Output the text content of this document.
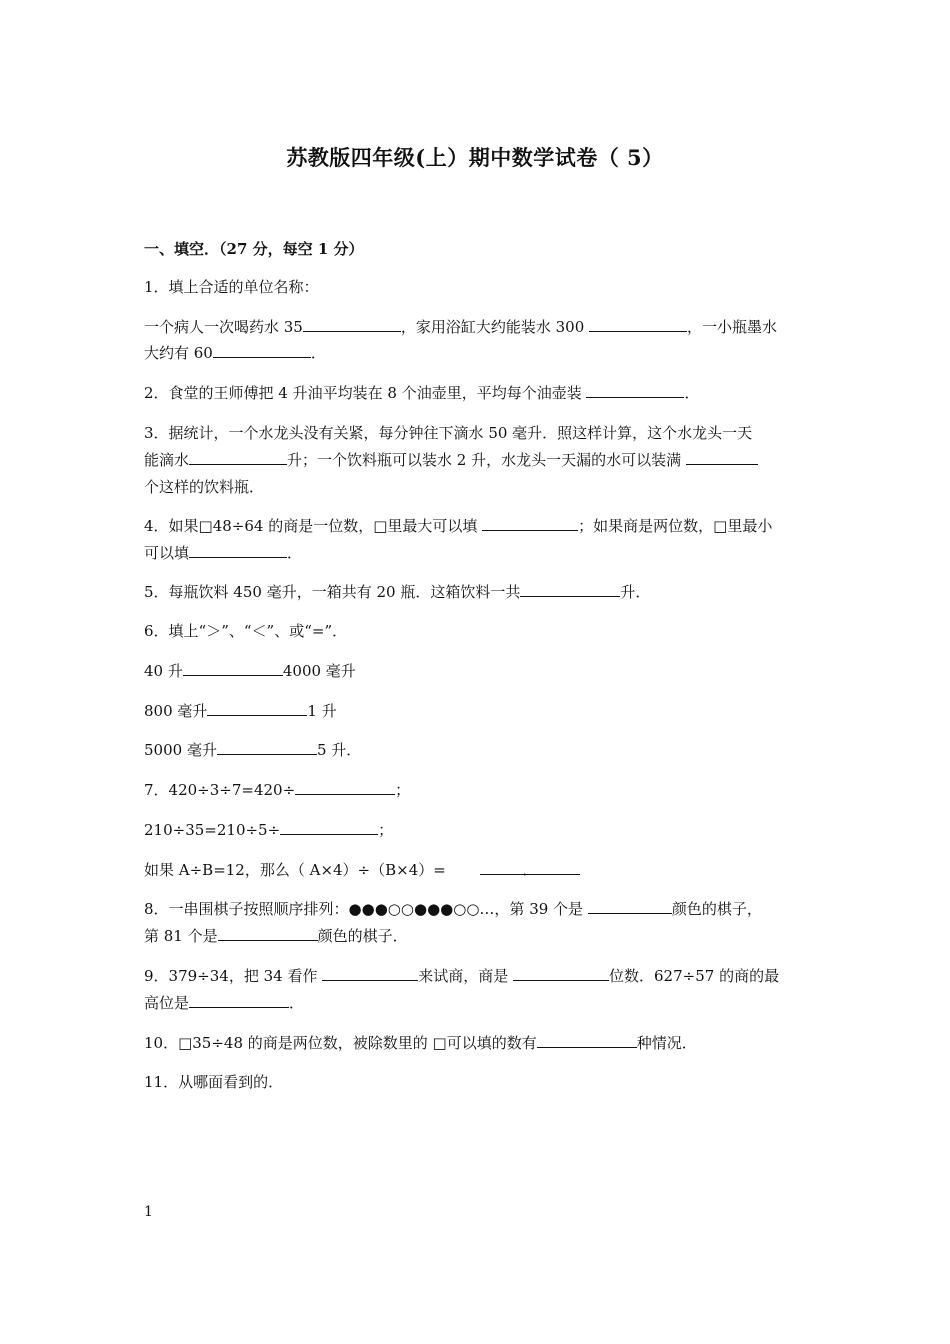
苏教版四年级(上）期中数学试卷（ 5）
一、填空．（27 分，每空 1 分）
1．填上合适的单位名称：
一个病人一次喝药水 35	，家用浴缸大约能装水 300	，一小瓶墨水
大约有 60	．
2．食堂的王师傅把 4 升油平均装在 8 个油壶里，平均每个油壶装	．
3．据统计，一个水龙头没有关紧，每分钟往下滴水 50 毫升．照这样计算，这个水龙头一天
能滴水	升；一个饮料瓶可以装水 2 升，水龙头一天漏的水可以装满
个这样的饮料瓶．
4．如果□48÷64 的商是一位数，□里最大可以填	；如果商是两位数，□里最小
可以填	．
5．每瓶饮料 450 毫升，一箱共有 20 瓶．这箱饮料一共	升．
6．填上“＞”、“＜”、或“=”．
40 升	4000 毫升
800 毫升	1 升
5000 毫升	5 升．
7．420÷3÷7=420÷	；
210÷35=210÷5÷	；
如果 A÷B=12，那么（ A×4）÷（B×4）=	．
8．一串围棋子按照顺序排列：●●●○○●●●○○…，第 39 个是	颜色的棋子，
第 81 个是	颜色的棋子．
9．379÷34，把 34 看作	来试商，商是	位数．627÷57 的商的最
高位是	．
10．□35÷48 的商是两位数，被除数里的 □可以填的数有	种情况．
11．从哪面看到的．
1
